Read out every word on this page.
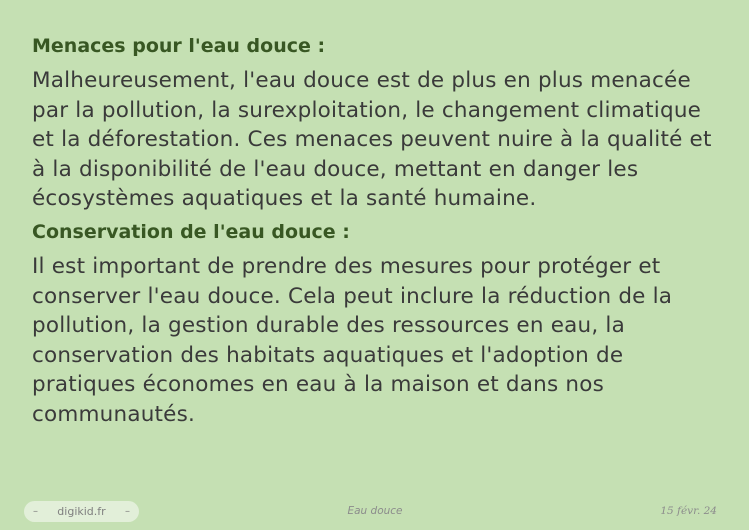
Menaces pour l'eau douce :

Malheureusement, l'eau douce est de plus en plus menacée par la pollution, la surexploitation, le changement climatique et la déforestation. Ces menaces peuvent nuire à la qualité et à la disponibilité de l'eau douce, mettant en danger les écosystèmes aquatiques et la santé humaine.

Conservation de l'eau douce :

Il est important de prendre des mesures pour protéger et conserver l'eau douce. Cela peut inclure la réduction de la pollution, la gestion durable des ressources en eau, la conservation des habitats aquatiques et l'adoption de pratiques économes en eau à la maison et dans nos communautés.

– digikid.fr –	Eau douce	15 févr. 24
